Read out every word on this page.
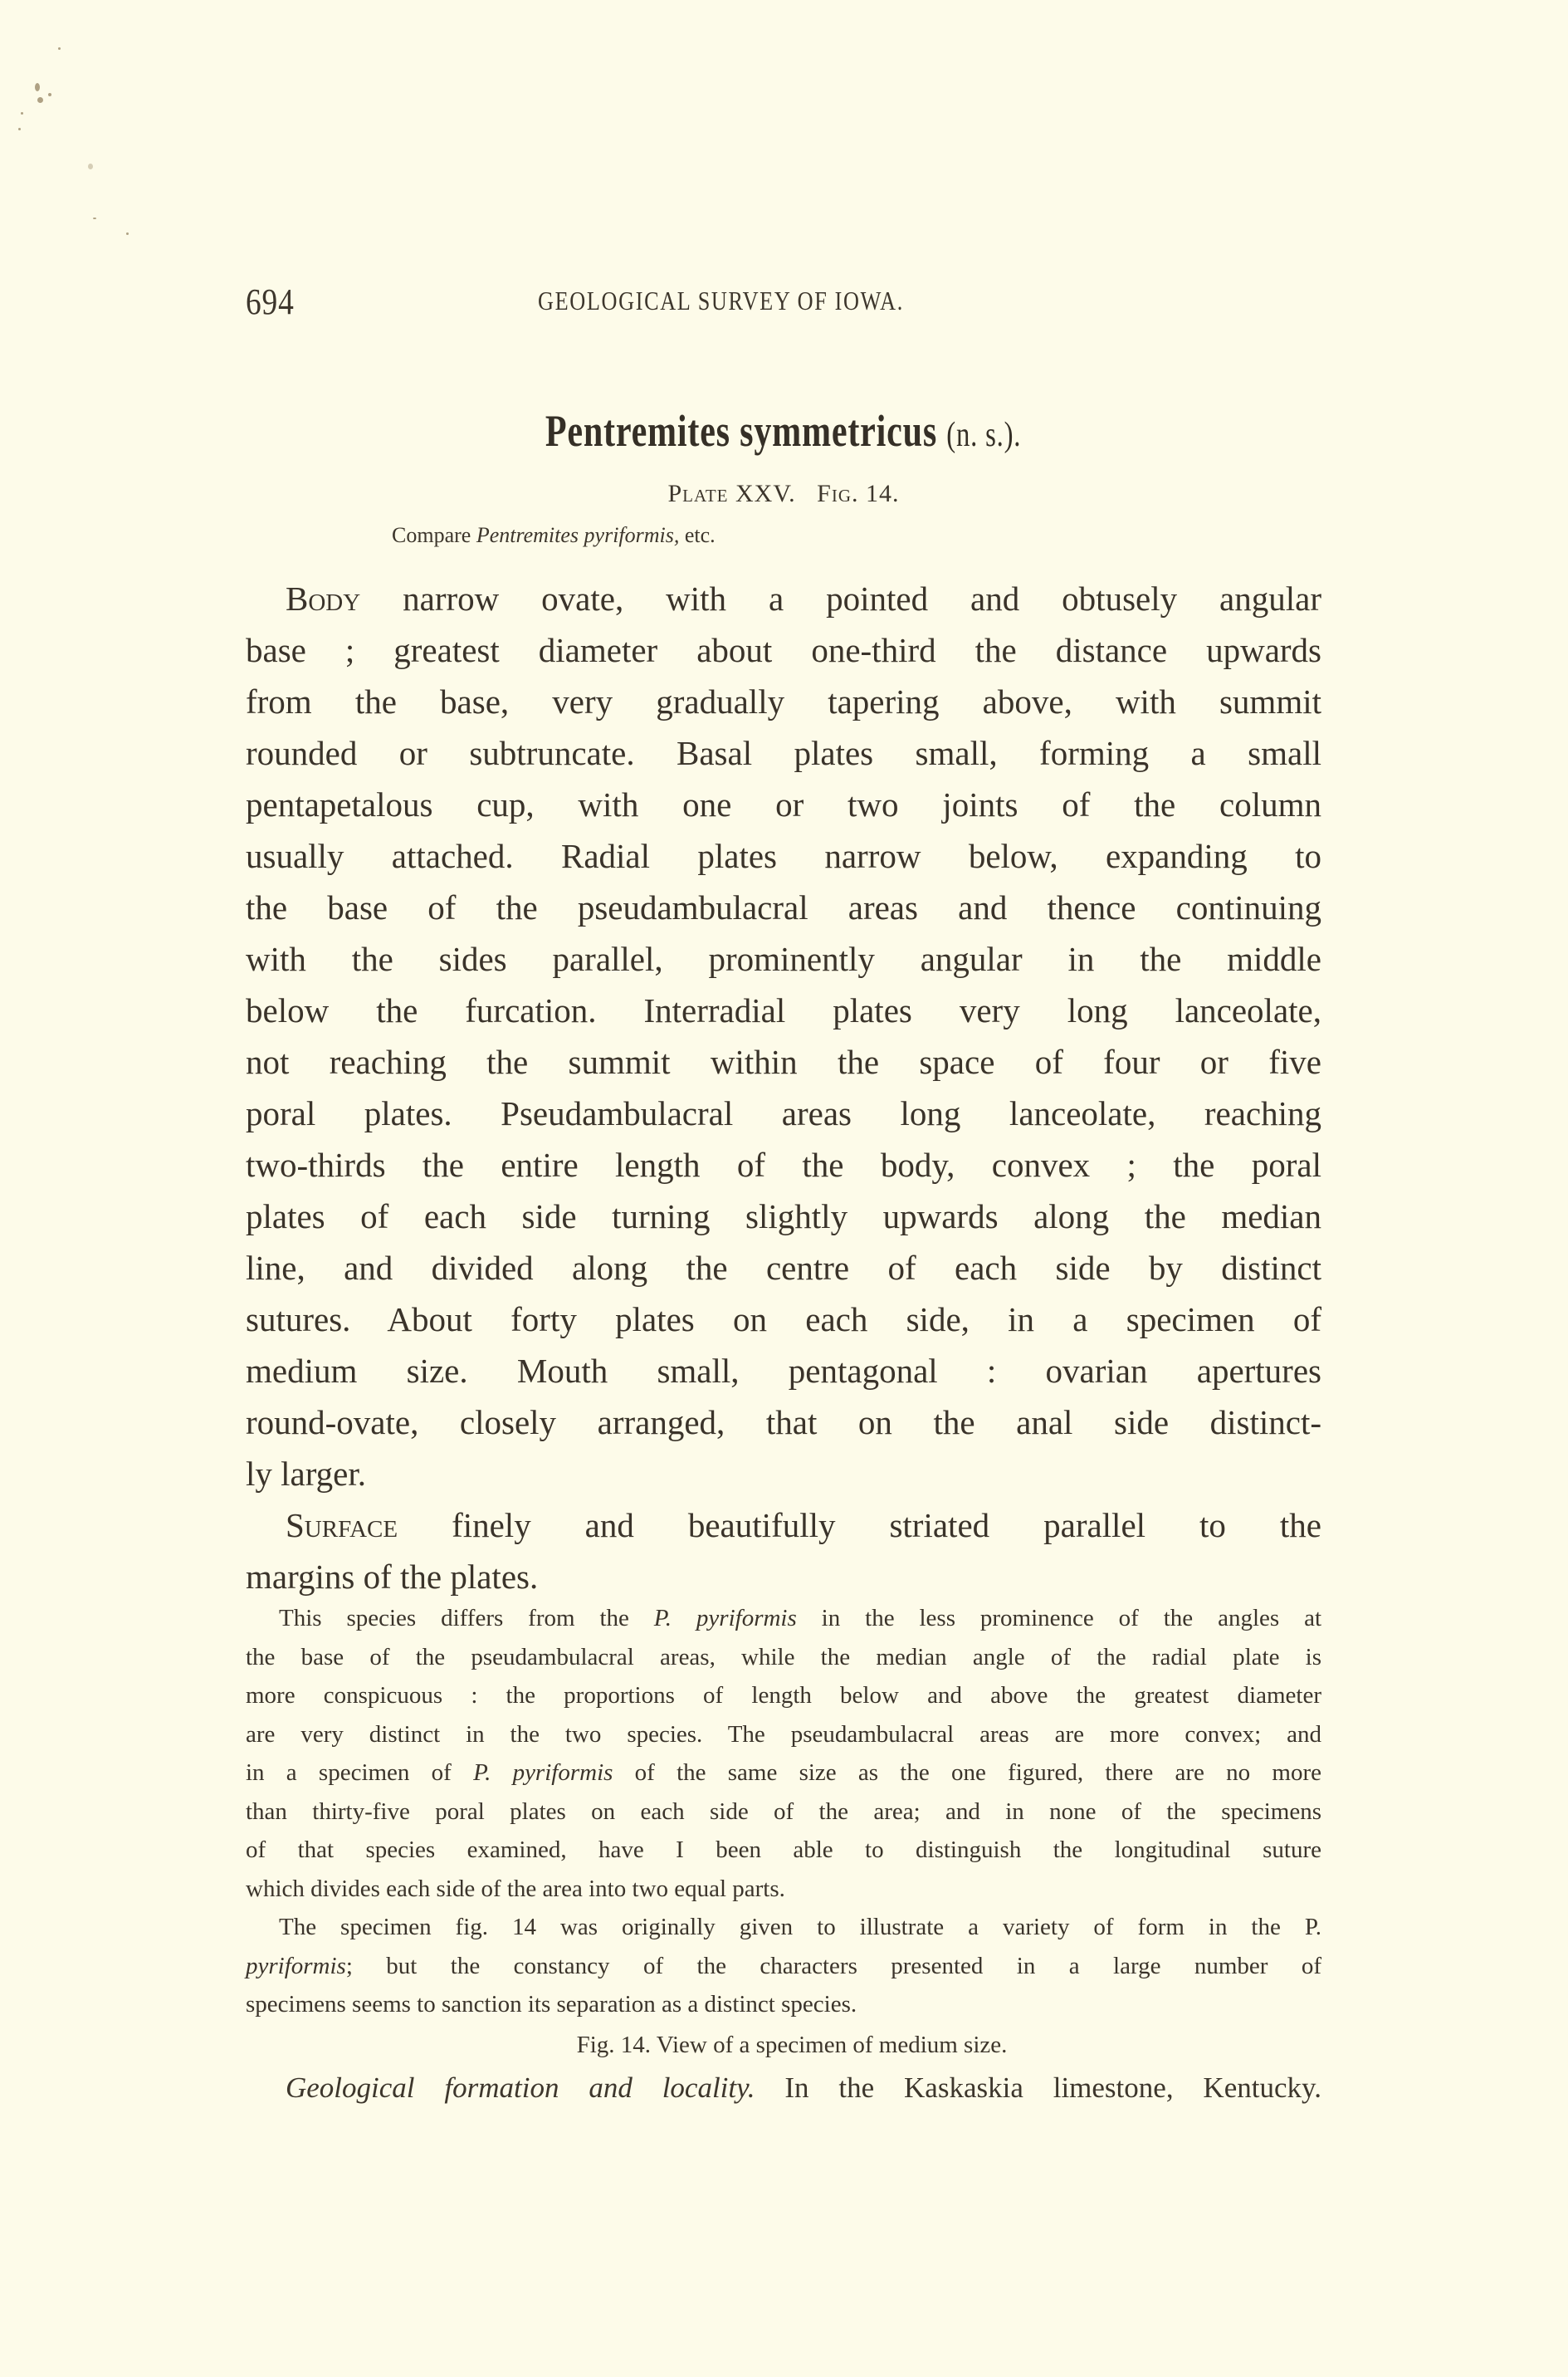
694	GEOLOGICAL SURVEY OF IOWA.
Pentremites symmetricus (n. s.).
Plate XXV. Fig. 14.
Compare Pentremites pyriformis, etc.
Body narrow ovate, with a pointed and obtusely angular
base ; greatest diameter about one-third the distance upwards
from the base, very gradually tapering above, with summit
rounded or subtruncate. Basal plates small, forming a small
pentapetalous cup, with one or two joints of the column
usually attached. Radial plates narrow below, expanding to
the base of the pseudambulacral areas and thence continuing
with the sides parallel, prominently angular in the middle
below the furcation. Interradial plates very long lanceolate,
not reaching the summit within the space of four or five
poral plates. Pseudambulacral areas long lanceolate, reaching
two-thirds the entire length of the body, convex ; the poral
plates of each side turning slightly upwards along the median
line, and divided along the centre of each side by distinct
sutures. About forty plates on each side, in a specimen of
medium size. Mouth small, pentagonal : ovarian apertures
round-ovate, closely arranged, that on the anal side distinct-
ly larger.
Surface finely and beautifully striated parallel to the
margins of the plates.
This species differs from the P. pyriformis in the less prominence of the angles at
the base of the pseudambulacral areas, while the median angle of the radial plate is
more conspicuous : the proportions of length below and above the greatest diameter
are very distinct in the two species. The pseudambulacral areas are more convex; and
in a specimen of P. pyriformis of the same size as the one figured, there are no more
than thirty-five poral plates on each side of the area; and in none of the specimens
of that species examined, have I been able to distinguish the longitudinal suture
which divides each side of the area into two equal parts.
The specimen fig. 14 was originally given to illustrate a variety of form in the P.
pyriformis; but the constancy of the characters presented in a large number of
specimens seems to sanction its separation as a distinct species.
Fig. 14. View of a specimen of medium size.
Geological formation and locality. In the Kaskaskia limestone, Kentucky.
